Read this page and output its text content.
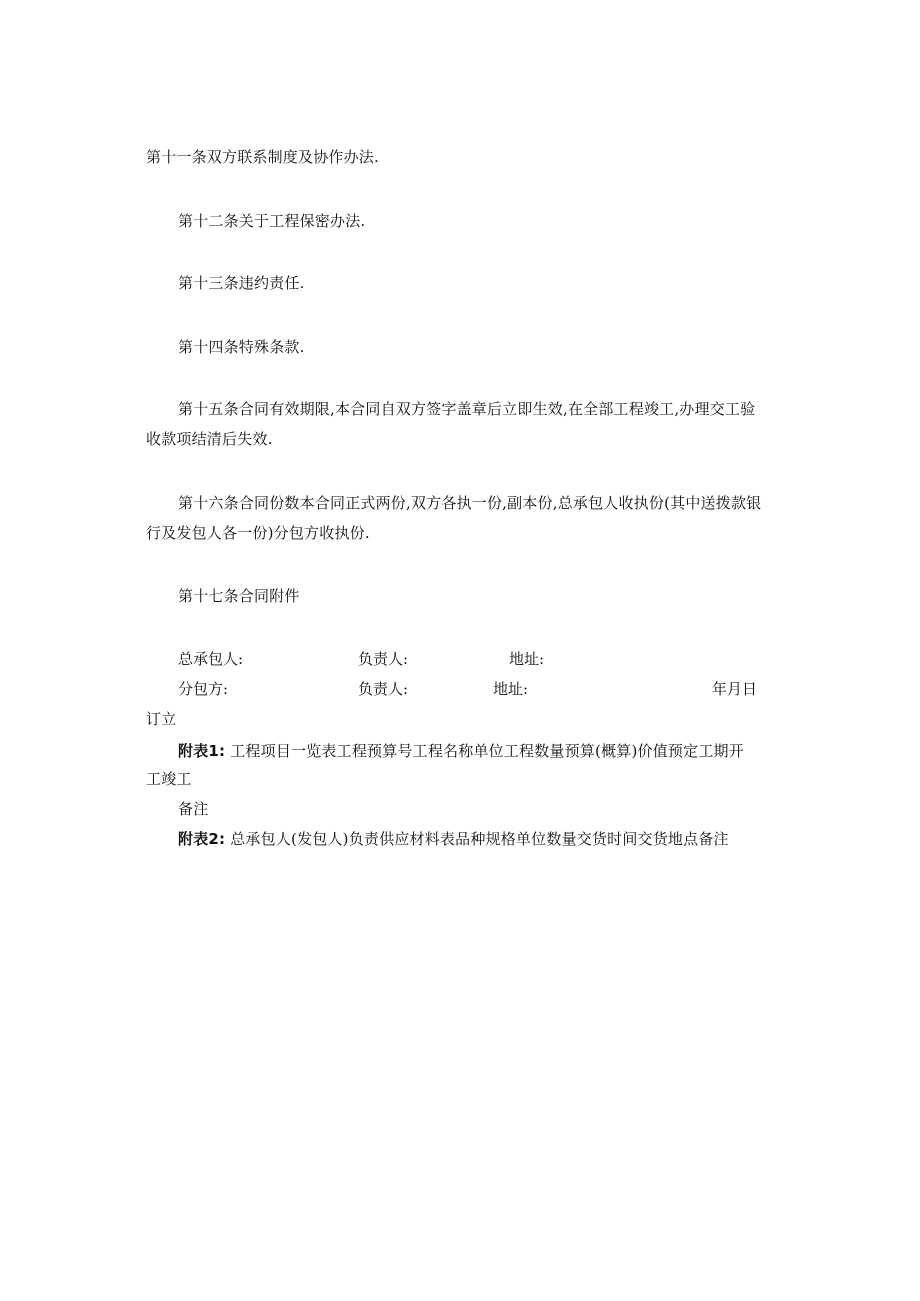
第十一条双方联系制度及协作办法.
第十二条关于工程保密办法.
第十三条违约责任.
第十四条特殊条款.
第十五条合同有效期限,本合同自双方签字盖章后立即生效,在全部工程竣工,办理交工验
收款项结清后失效.
第十六条合同份数本合同正式两份,双方各执一份,副本份,总承包人收执份(其中送拨款银
行及发包人各一份)分包方收执份.
第十七条合同附件
总承包人:	负责人:	地址:
分包方:	负责人:	地址:	年月日
订立
附表1: 工程项目一览表工程预算号工程名称单位工程数量预算(概算)价值预定工期开
工竣工
备注
附表2: 总承包人(发包人)负责供应材料表品种规格单位数量交货时间交货地点备注
